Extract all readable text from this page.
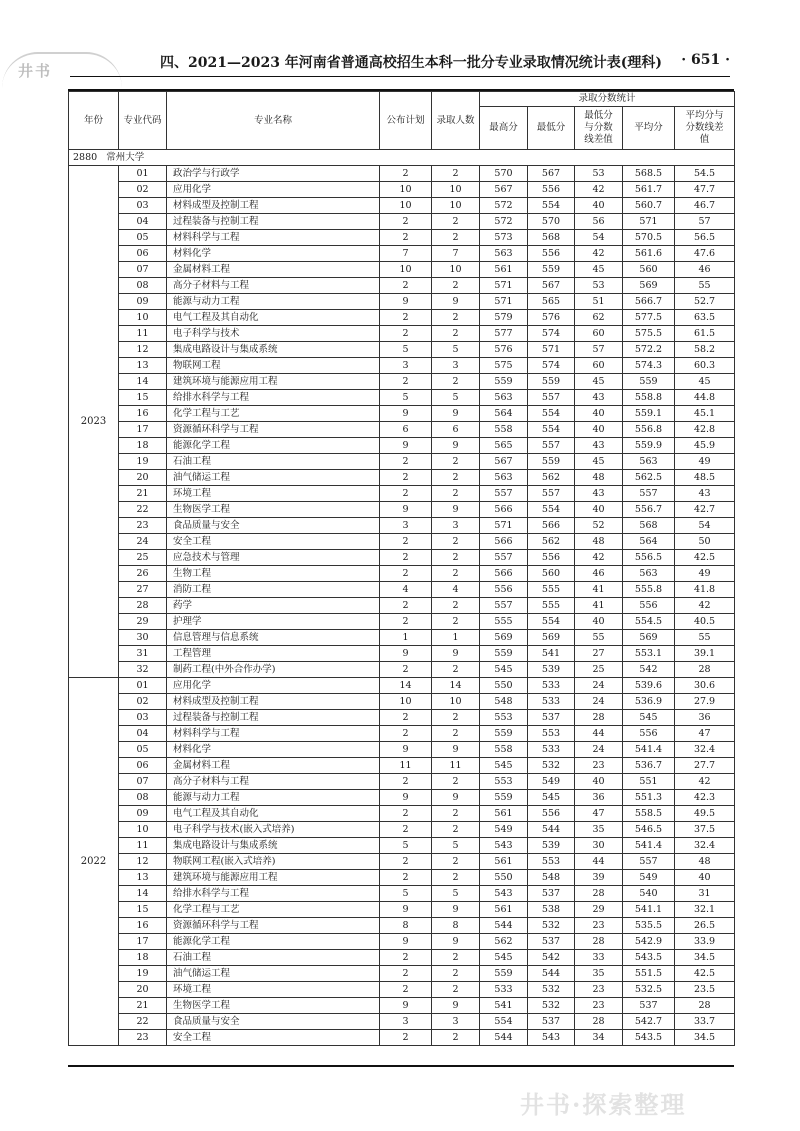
井书	四、2021—2023 年河南省普通高校招生本科一批分专业录取情况统计表(理科) · 651 ·
年份	专业代码	专业名称	公布计划	录取人数	录取分数统计				
					最高分	最低分	最低分与分数线差值	平均分	平均分与分数线差值
2880 常州大学									
2023	01	政治学与行政学	2	2	570	567	53	568.5	54.5
	02	应用化学	10	10	567	556	42	561.7	47.7
	03	材料成型及控制工程	10	10	572	554	40	560.7	46.7
	04	过程装备与控制工程	2	2	572	570	56	571	57
	05	材料科学与工程	2	2	573	568	54	570.5	56.5
	06	材料化学	7	7	563	556	42	561.6	47.6
	07	金属材料工程	10	10	561	559	45	560	46
	08	高分子材料与工程	2	2	571	567	53	569	55
	09	能源与动力工程	9	9	571	565	51	566.7	52.7
	10	电气工程及其自动化	2	2	579	576	62	577.5	63.5
	11	电子科学与技术	2	2	577	574	60	575.5	61.5
	12	集成电路设计与集成系统	5	5	576	571	57	572.2	58.2
	13	物联网工程	3	3	575	574	60	574.3	60.3
	14	建筑环境与能源应用工程	2	2	559	559	45	559	45
	15	给排水科学与工程	5	5	563	557	43	558.8	44.8
	16	化学工程与工艺	9	9	564	554	40	559.1	45.1
	17	资源循环科学与工程	6	6	558	554	40	556.8	42.8
	18	能源化学工程	9	9	565	557	43	559.9	45.9
	19	石油工程	2	2	567	559	45	563	49
	20	油气储运工程	2	2	563	562	48	562.5	48.5
	21	环境工程	2	2	557	557	43	557	43
	22	生物医学工程	9	9	566	554	40	556.7	42.7
	23	食品质量与安全	3	3	571	566	52	568	54
	24	安全工程	2	2	566	562	48	564	50
	25	应急技术与管理	2	2	557	556	42	556.5	42.5
	26	生物工程	2	2	566	560	46	563	49
	27	消防工程	4	4	556	555	41	555.8	41.8
	28	药学	2	2	557	555	41	556	42
	29	护理学	2	2	555	554	40	554.5	40.5
	30	信息管理与信息系统	1	1	569	569	55	569	55
	31	工程管理	9	9	559	541	27	553.1	39.1
	32	制药工程(中外合作办学)	2	2	545	539	25	542	28
2022	01	应用化学	14	14	550	533	24	539.6	30.6
	02	材料成型及控制工程	10	10	548	533	24	536.9	27.9
	03	过程装备与控制工程	2	2	553	537	28	545	36
	04	材料科学与工程	2	2	559	553	44	556	47
	05	材料化学	9	9	558	533	24	541.4	32.4
	06	金属材料工程	11	11	545	532	23	536.7	27.7
	07	高分子材料与工程	2	2	553	549	40	551	42
	08	能源与动力工程	9	9	559	545	36	551.3	42.3
	09	电气工程及其自动化	2	2	561	556	47	558.5	49.5
	10	电子科学与技术(嵌入式培养)	2	2	549	544	35	546.5	37.5
	11	集成电路设计与集成系统	5	5	543	539	30	541.4	32.4
	12	物联网工程(嵌入式培养)	2	2	561	553	44	557	48
	13	建筑环境与能源应用工程	2	2	550	548	39	549	40
	14	给排水科学与工程	5	5	543	537	28	540	31
	15	化学工程与工艺	9	9	561	538	29	541.1	32.1
	16	资源循环科学与工程	8	8	544	532	23	535.5	26.5
	17	能源化学工程	9	9	562	537	28	542.9	33.9
	18	石油工程	2	2	545	542	33	543.5	34.5
	19	油气储运工程	2	2	559	544	35	551.5	42.5
	20	环境工程	2	2	533	532	23	532.5	23.5
	21	生物医学工程	9	9	541	532	23	537	28
	22	食品质量与安全	3	3	554	537	28	542.7	33.7
	23	安全工程	2	2	544	543	34	543.5	34.5
井书·探索整理
